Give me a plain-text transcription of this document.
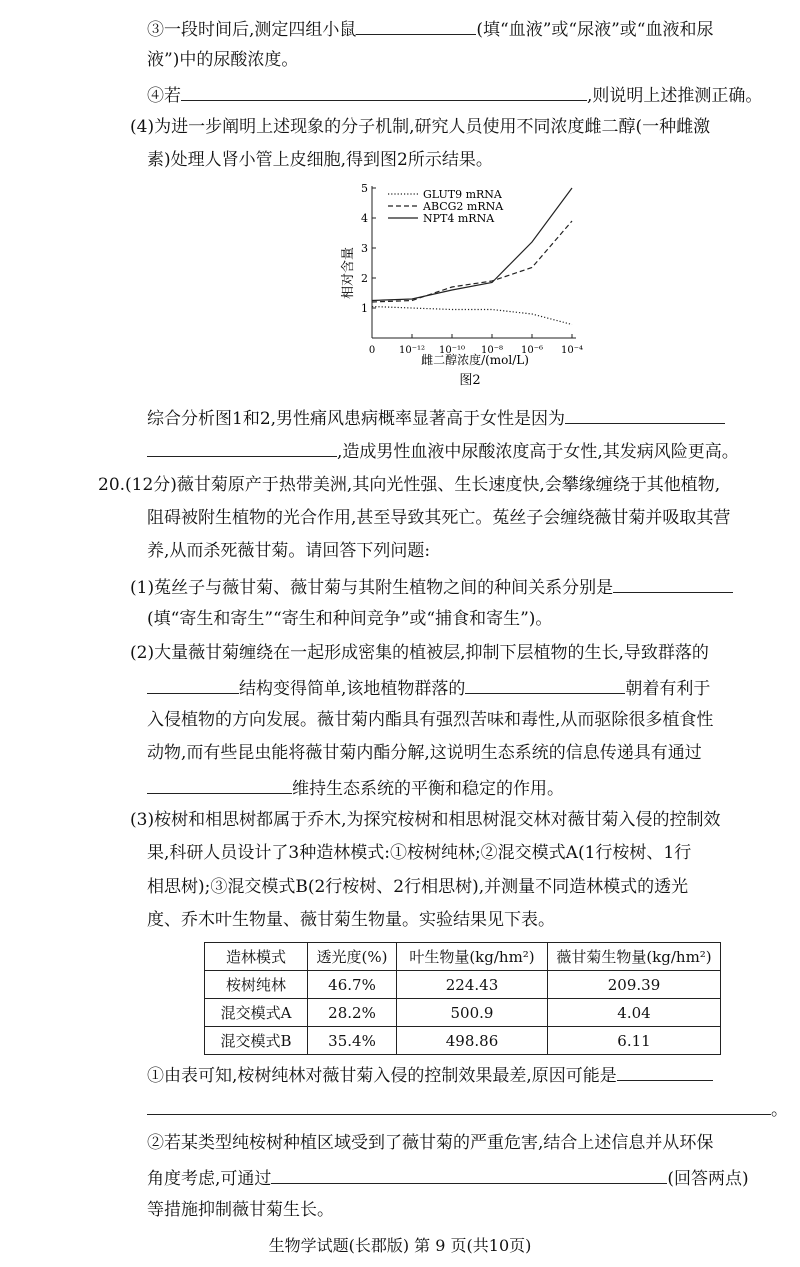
③一段时间后,测定四组小鼠	(填“血液”或“尿液”或“血液和尿
液”)中的尿酸浓度。
④若	,则说明上述推测正确。
(4)为进一步阐明上述现象的分子机制,研究人员使用不同浓度雌二醇(一种雌激
素)处理人肾小管上皮细胞,得到图2所示结果。
相对含量
雌二醇浓度/(mol/L)
图2
0 10⁻¹² 10⁻¹⁰ 10⁻⁸ 10⁻⁶ 10⁻⁴
1
2
3
4
5	GLUT9 mRNA
ABCG2 mRNA
NPT4 mRNA
综合分析图1和2,男性痛风患病概率显著高于女性是因为
,造成男性血液中尿酸浓度高于女性,其发病风险更高。
20.(12分)薇甘菊原产于热带美洲,其向光性强、生长速度快,会攀缘缠绕于其他植物,
阻碍被附生植物的光合作用,甚至导致其死亡。菟丝子会缠绕薇甘菊并吸取其营
养,从而杀死薇甘菊。请回答下列问题:
(1)菟丝子与薇甘菊、薇甘菊与其附生植物之间的种间关系分别是
(填“寄生和寄生”“寄生和种间竞争”或“捕食和寄生”)。
(2)大量薇甘菊缠绕在一起形成密集的植被层,抑制下层植物的生长,导致群落的
结构变得简单,该地植物群落的	朝着有利于
入侵植物的方向发展。薇甘菊内酯具有强烈苦味和毒性,从而驱除很多植食性
动物,而有些昆虫能将薇甘菊内酯分解,这说明生态系统的信息传递具有通过
维持生态系统的平衡和稳定的作用。
(3)桉树和相思树都属于乔木,为探究桉树和相思树混交林对薇甘菊入侵的控制效
果,科研人员设计了3种造林模式:①桉树纯林;②混交模式A(1行桉树、1行
相思树);③混交模式B(2行桉树、2行相思树),并测量不同造林模式的透光
度、乔木叶生物量、薇甘菊生物量。实验结果见下表。
造林模式	透光度(%)	叶生物量(kg/hm²)	薇甘菊生物量(kg/hm²)
桉树纯林	46.7%	224.43	209.39
混交模式A	28.2%	500.9	4.04
混交模式B	35.4%	498.86	6.11
①由表可知,桉树纯林对薇甘菊入侵的控制效果最差,原因可能是
。
②若某类型纯桉树种植区域受到了薇甘菊的严重危害,结合上述信息并从环保
角度考虑,可通过	(回答两点)
等措施抑制薇甘菊生长。
生物学试题(长郡版) 第 9 页(共10页)
